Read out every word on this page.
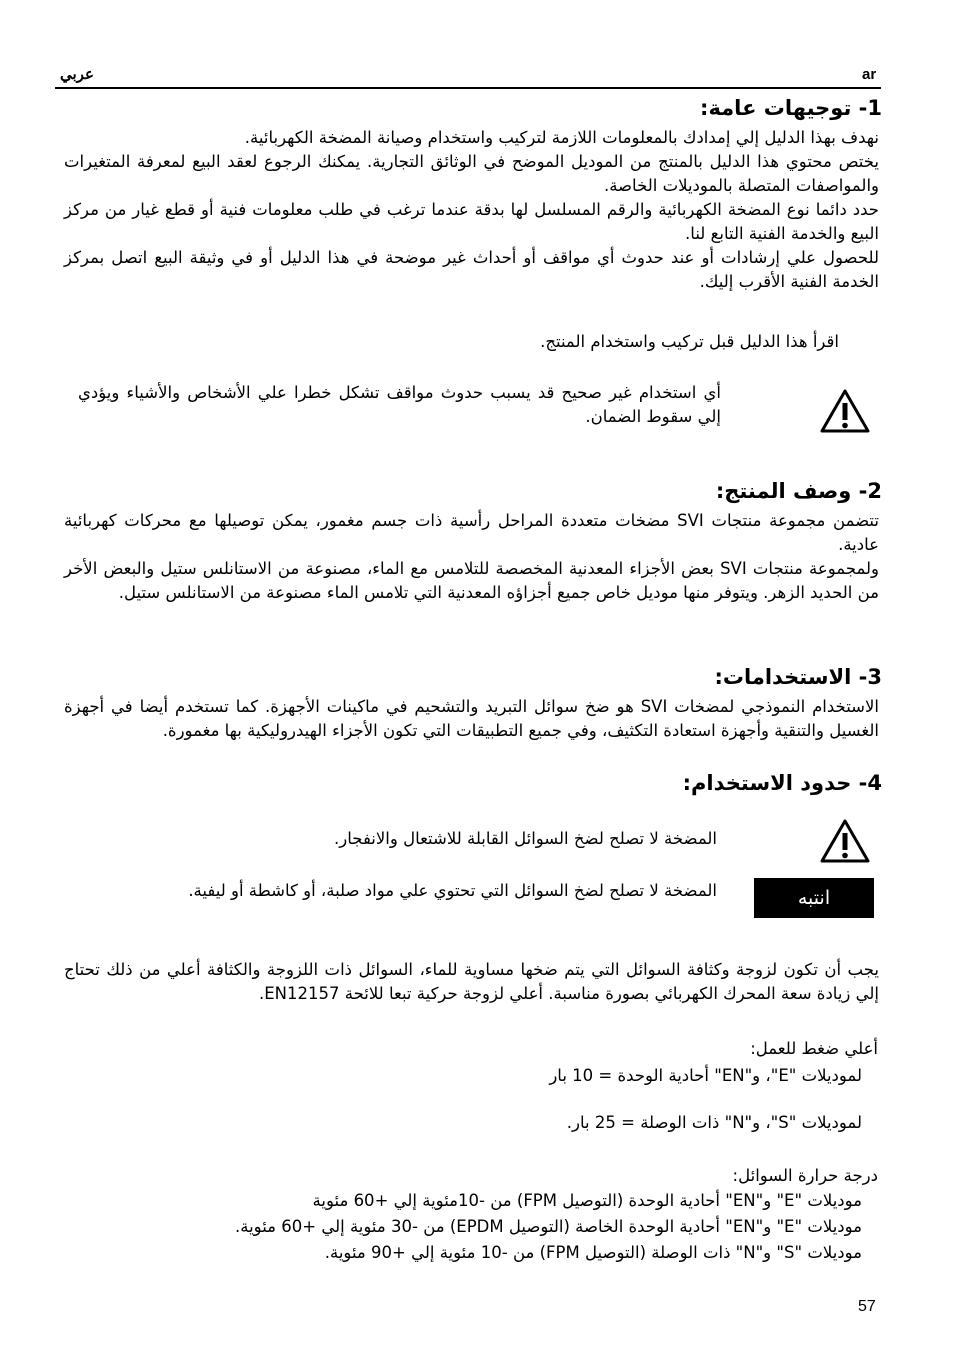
عربي	ar
1- توجيهات عامة:

نهدف بهذا الدليل إلي إمدادك بالمعلومات اللازمة لتركيب واستخدام وصيانة المضخة الكهربائية.

يختص محتوي هذا الدليل بالمنتج من الموديل الموضح في الوثائق التجارية. يمكنك الرجوع لعقد البيع لمعرفة المتغيرات والمواصفات المتصلة بالموديلات الخاصة.

حدد دائما نوع المضخة الكهربائية والرقم المسلسل لها بدقة عندما ترغب في طلب معلومات فنية أو قطع غيار من مركز البيع والخدمة الفنية التابع لنا.

للحصول علي إرشادات أو عند حدوث أي مواقف أو أحداث غير موضحة في هذا الدليل أو في وثيقة البيع اتصل بمركز الخدمة الفنية الأقرب إليك.

اقرأ هذا الدليل قبل تركيب واستخدام المنتج.
أي استخدام غير صحيح قد يسبب حدوث مواقف تشكل خطرا علي الأشخاص والأشياء ويؤدي إلي سقوط الضمان.
2- وصف المنتج:

تتضمن مجموعة منتجات SVI مضخات متعددة المراحل رأسية ذات جسم مغمور، يمكن توصيلها مع محركات كهربائية عادية.

ولمجموعة منتجات SVI بعض الأجزاء المعدنية المخصصة للتلامس مع الماء، مصنوعة من الاستانلس ستيل والبعض الأخر من الحديد الزهر. ويتوفر منها موديل خاص جميع أجزاؤه المعدنية التي تلامس الماء مصنوعة من الاستانلس ستيل.

3- الاستخدامات:

الاستخدام النموذجي لمضخات SVI هو ضخ سوائل التبريد والتشحيم في ماكينات الأجهزة. كما تستخدم أيضا في أجهزة الغسيل والتنقية وأجهزة استعادة التكثيف، وفي جميع التطبيقات التي تكون الأجزاء الهيدروليكية بها مغمورة.

4- حدود الاستخدام:
المضخة لا تصلح لضخ السوائل القابلة للاشتعال والانفجار.
انتبه
المضخة لا تصلح لضخ السوائل التي تحتوي علي مواد صلبة، أو كاشطة أو ليفية.
يجب أن تكون لزوجة وكثافة السوائل التي يتم ضخها مساوية للماء، السوائل ذات اللزوجة والكثافة أعلي من ذلك تحتاج إلي زيادة سعة المحرك الكهربائي بصورة مناسبة. أعلي لزوجة حركية تبعا للائحة EN12157.
أعلي ضغط للعمل:
لموديلات "E"، و"EN" أحادية الوحدة = 10 بار
لموديلات "S"، و"N" ذات الوصلة = 25 بار.
درجة حرارة السوائل:
موديلات "E" و"EN" أحادية الوحدة (التوصيل FPM) من -10مئوية إلي +60 مئوية
موديلات "E" و"EN" أحادية الوحدة الخاصة (التوصيل EPDM) من -30 مئوية إلي +60 مئوية.
موديلات "S" و"N" ذات الوصلة (التوصيل FPM) من -10 مئوية إلي +90 مئوية.
57
